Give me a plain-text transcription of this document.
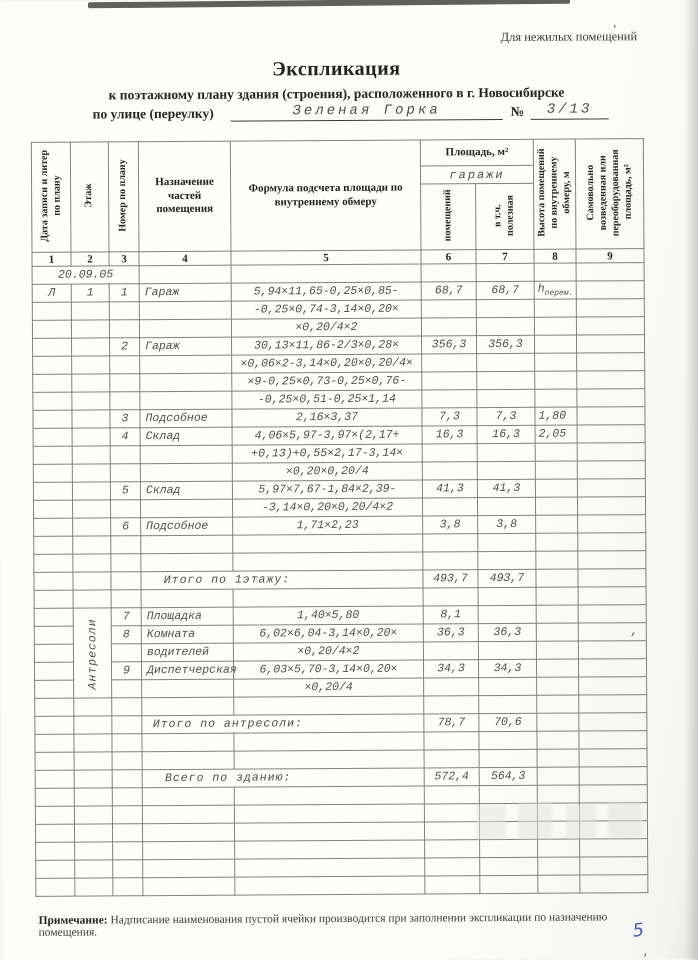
Для нежилых помещений
,
Экспликация
к поэтажному плану здания (строения), расположенного в г. Новосибирске
по улице (переулку)	Зеленая Горка	№	3/13
Дата записи и литер по плану	Этаж	Номер по плану	Назначение частей помещения	Формула подсчета площади по внутреннему обмеру	Площадь, м²		Высота помещений по внутреннему обмеру, м	Самовольно возведенная или переоборудованная площадь, м²
					гаражи			
					помещений	в т.ч. полезная		
1	2	3	4	5	6	7	8	9
20.09.05								
Л	1	1	Гараж	5,94×11,65-0,25×0,85-	68,7	68,7	$h_{перем.}$	
				-0,25×0,74-3,14×0,20×				
				×0,20/4×2				
		2	Гараж	30,13×11,86-2/3×0,28×	356,3	356,3		
				×0,06×2-3,14×0,20×0,20/4×				
				×9-0,25×0,73-0,25×0,76-				
				-0,25×0,51-0,25×1,14				
		3	Подсобное	2,16×3,37	7,3	7,3	1,80	
		4	Склад	4,06×5,97-3,97×(2,17+	16,3	16,3	2,05	
				+0,13)+0,55×2,17-3,14×				
				×0,20×0,20/4				
		5	Склад	5,97×7,67-1,84×2,39-	41,3	41,3		
				-3,14×0,20×0,20/4×2				
		6	Подсобное	1,71×2,23	3,8	3,8		

			Итого по 1этажу:		493,7	493,7		

	Антресоли	7	Площадка	1,40×5,80	8,1			
		8	Комната	6,02×6,04-3,14×0,20×	36,3	36,3		,
			водителей	×0,20/4×2				
		9	Диспетчерская	6,03×5,70-3,14×0,20×	34,3	34,3		
				×0,20/4				

			Итого по антресоли:		78,7	70,6		

			Всего по зданию:		572,4	564,3		

Примечание: Надписание наименования пустой ячейки производится при заполнении экспликации по назначению помещения.	5
,
